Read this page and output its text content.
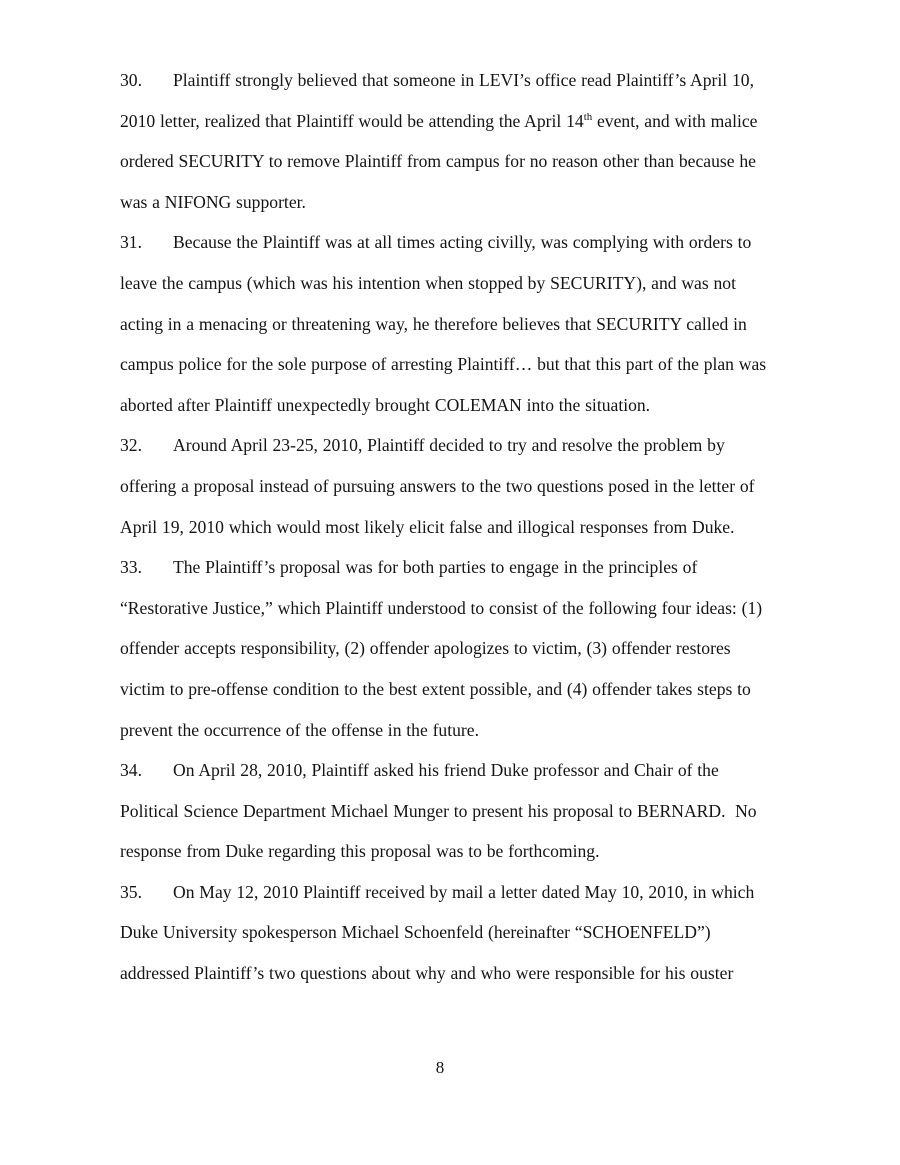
30. Plaintiff strongly believed that someone in LEVI’s office read Plaintiff’s April 10, 2010 letter, realized that Plaintiff would be attending the April 14th event, and with malice ordered SECURITY to remove Plaintiff from campus for no reason other than because he was a NIFONG supporter.
31. Because the Plaintiff was at all times acting civilly, was complying with orders to leave the campus (which was his intention when stopped by SECURITY), and was not acting in a menacing or threatening way, he therefore believes that SECURITY called in campus police for the sole purpose of arresting Plaintiff… but that this part of the plan was aborted after Plaintiff unexpectedly brought COLEMAN into the situation.
32. Around April 23-25, 2010, Plaintiff decided to try and resolve the problem by offering a proposal instead of pursuing answers to the two questions posed in the letter of April 19, 2010 which would most likely elicit false and illogical responses from Duke.
33. The Plaintiff’s proposal was for both parties to engage in the principles of “Restorative Justice,” which Plaintiff understood to consist of the following four ideas: (1) offender accepts responsibility, (2) offender apologizes to victim, (3) offender restores victim to pre-offense condition to the best extent possible, and (4) offender takes steps to prevent the occurrence of the offense in the future.
34. On April 28, 2010, Plaintiff asked his friend Duke professor and Chair of the Political Science Department Michael Munger to present his proposal to BERNARD.  No response from Duke regarding this proposal was to be forthcoming.
35. On May 12, 2010 Plaintiff received by mail a letter dated May 10, 2010, in which Duke University spokesperson Michael Schoenfeld (hereinafter “SCHOENFELD”) addressed Plaintiff’s two questions about why and who were responsible for his ouster
8
